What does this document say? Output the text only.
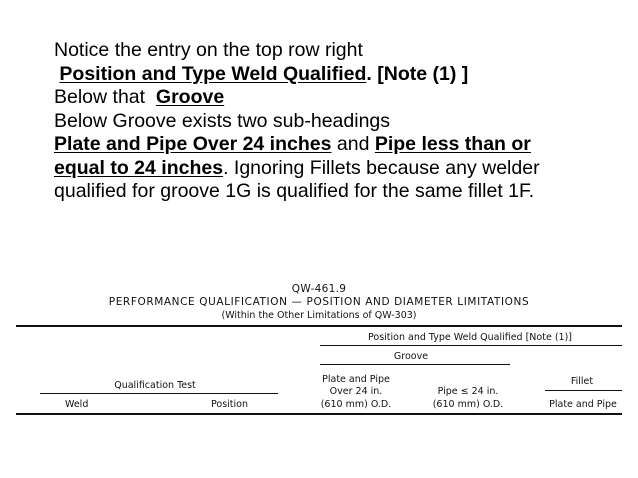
Notice the entry on the top row right
Position and Type Weld Qualified. [Note (1) ]
Below that  Groove
Below Groove exists two sub-headings
Plate and Pipe Over 24 inches and Pipe less than or
equal to 24 inches. Ignoring Fillets because any welder
qualified for groove 1G is qualified for the same fillet 1F.
QW-461.9
PERFORMANCE QUALIFICATION — POSITION AND DIAMETER LIMITATIONS
(Within the Other Limitations of QW-303)
Position and Type Weld Qualified [Note (1)]
Groove
Plate and Pipe
Over 24 in.
(610 mm) O.D.
Pipe ≤ 24 in.
(610 mm) O.D.
Fillet
Qualification Test
Weld	Position	Plate and Pipe
